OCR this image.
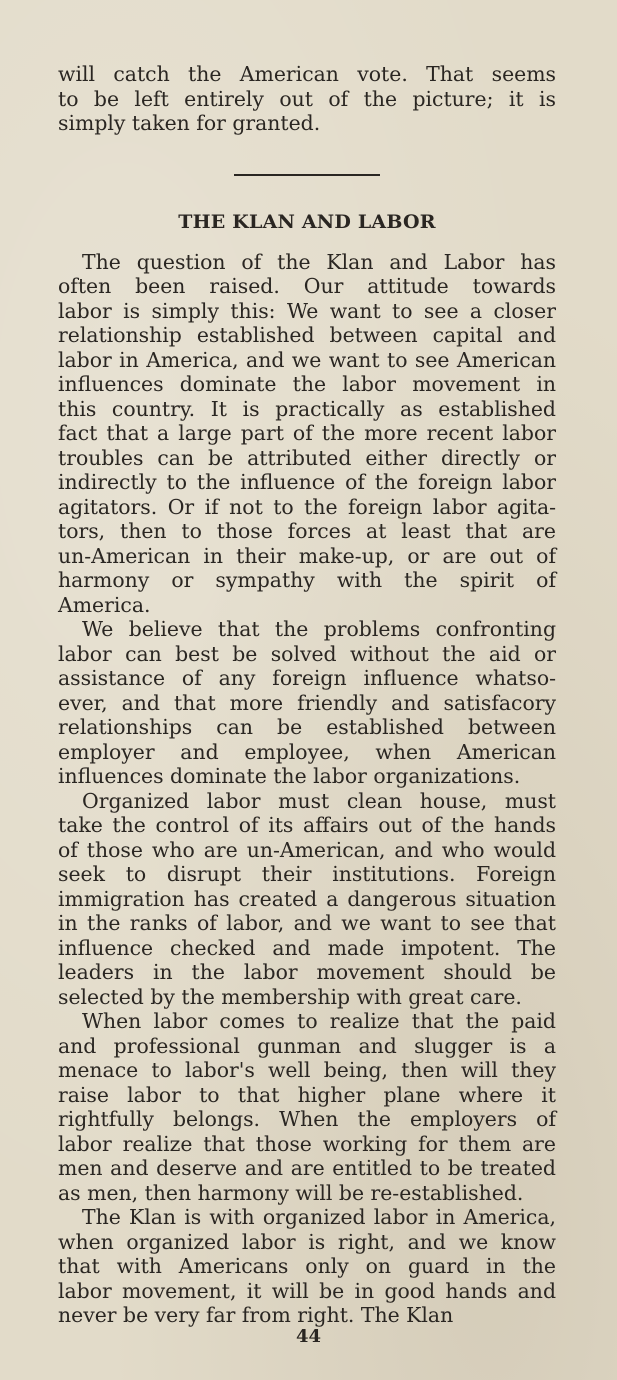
will catch the American vote. That seems
to be left entirely out of the picture; it is
simply taken for granted.

THE KLAN AND LABOR

The question of the Klan and Labor has
often been raised. Our attitude towards
labor is simply this: We want to see a closer
relationship established between capital and
labor in America, and we want to see American
influences dominate the labor movement in
this country. It is practically as established
fact that a large part of the more recent labor
troubles can be attributed either directly or
indirectly to the influence of the foreign labor
agitators. Or if not to the foreign labor agita-
tors, then to those forces at least that are
un-American in their make-up, or are out of
harmony or sympathy with the spirit of
America.

We believe that the problems confronting
labor can best be solved without the aid or
assistance of any foreign influence whatso-
ever, and that more friendly and satisfacory
relationships can be established between
employer and employee, when American
influences dominate the labor organizations.

Organized labor must clean house, must
take the control of its affairs out of the hands
of those who are un-American, and who would
seek to disrupt their institutions. Foreign
immigration has created a dangerous situation
in the ranks of labor, and we want to see that
influence checked and made impotent. The
leaders in the labor movement should be
selected by the membership with great care.

When labor comes to realize that the paid
and professional gunman and slugger is a
menace to labor's well being, then will they
raise labor to that higher plane where it
rightfully belongs. When the employers of
labor realize that those working for them are
men and deserve and are entitled to be treated
as men, then harmony will be re-established.

The Klan is with organized labor in America,
when organized labor is right, and we know
that with Americans only on guard in the
labor movement, it will be in good hands and
never be very far from right. The Klan

44
